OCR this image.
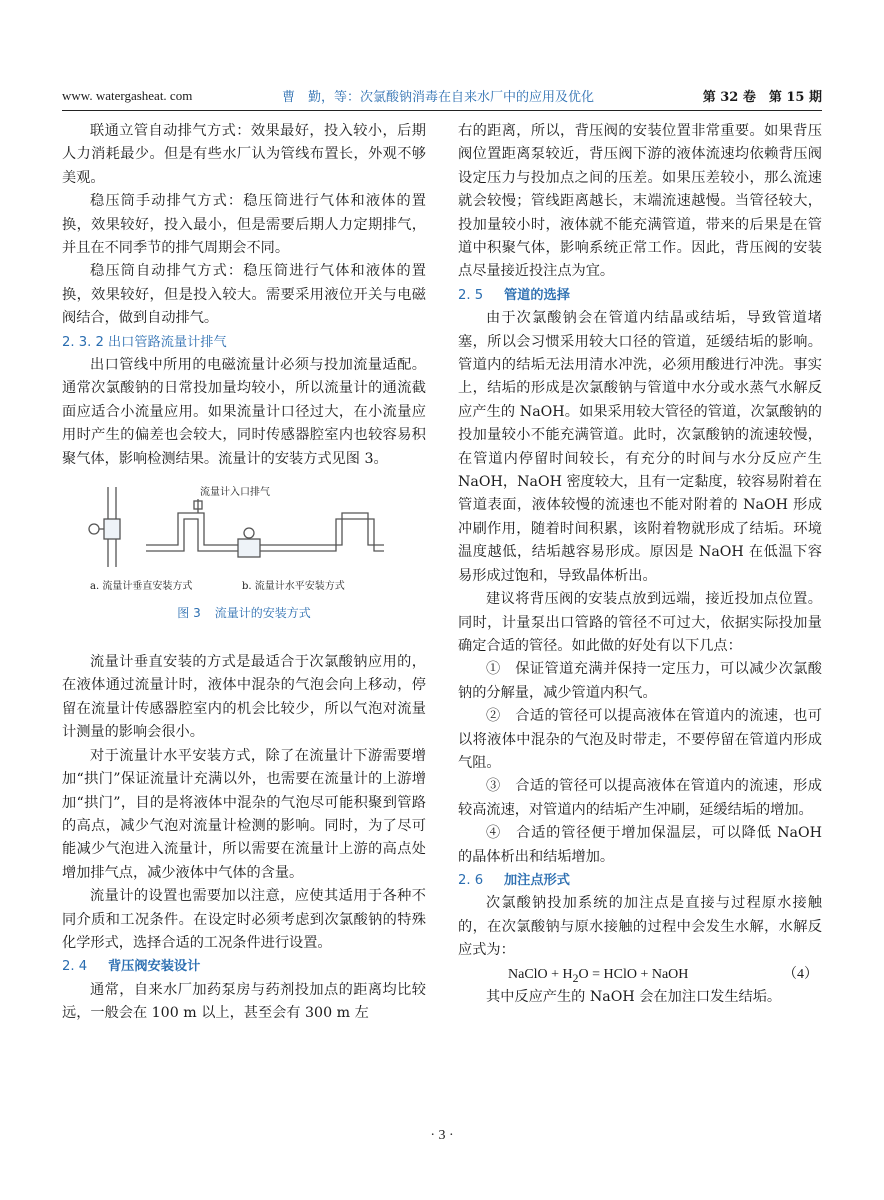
www. watergasheat. com	曹　勤，等：次氯酸钠消毒在自来水厂中的应用及优化	第 32 卷　第 15 期

联通立管自动排气方式：效果最好，投入较小，后期人力消耗最少。但是有些水厂认为管线布置长，外观不够美观。

稳压筒手动排气方式：稳压筒进行气体和液体的置换，效果较好，投入最小，但是需要后期人力定期排气，并且在不同季节的排气周期会不同。

稳压筒自动排气方式：稳压筒进行气体和液体的置换，效果较好，但是投入较大。需要采用液位开关与电磁阀结合，做到自动排气。

2. 3. 2 出口管路流量计排气

出口管线中所用的电磁流量计必须与投加流量适配。通常次氯酸钠的日常投加量均较小，所以流量计的通流截面应适合小流量应用。如果流量计口径过大，在小流量应用时产生的偏差也会较大，同时传感器腔室内也较容易积聚气体，影响检测结果。流量计的安装方式见图 3。

流量计入口排气
a. 流量计垂直安装方式	b. 流量计水平安装方式
图 3 流量计的安装方式

流量计垂直安装的方式是最适合于次氯酸钠应用的，在液体通过流量计时，液体中混杂的气泡会向上移动，停留在流量计传感器腔室内的机会比较少，所以气泡对流量计测量的影响会很小。

对于流量计水平安装方式，除了在流量计下游需要增加“拱门”保证流量计充满以外，也需要在流量计的上游增加“拱门”，目的是将液体中混杂的气泡尽可能积聚到管路的高点，减少气泡对流量计检测的影响。同时，为了尽可能减少气泡进入流量计，所以需要在流量计上游的高点处增加排气点，减少液体中气体的含量。

流量计的设置也需要加以注意，应使其适用于各种不同介质和工况条件。在设定时必须考虑到次氯酸钠的特殊化学形式，选择合适的工况条件进行设置。

2. 4 背压阀安装设计

通常，自来水厂加药泵房与药剂投加点的距离均比较远，一般会在 100 m 以上，甚至会有 300 m 左

右的距离，所以，背压阀的安装位置非常重要。如果背压阀位置距离泵较近，背压阀下游的液体流速均依赖背压阀设定压力与投加点之间的压差。如果压差较小，那么流速就会较慢；管线距离越长，末端流速越慢。当管径较大，投加量较小时，液体就不能充满管道，带来的后果是在管道中积聚气体，影响系统正常工作。因此，背压阀的安装点尽量接近投注点为宜。

2. 5 管道的选择

由于次氯酸钠会在管道内结晶或结垢，导致管道堵塞，所以会习惯采用较大口径的管道，延缓结垢的影响。管道内的结垢无法用清水冲洗，必须用酸进行冲洗。事实上，结垢的形成是次氯酸钠与管道中水分或水蒸气水解反应产生的 NaOH。如果采用较大管径的管道，次氯酸钠的投加量较小不能充满管道。此时，次氯酸钠的流速较慢，在管道内停留时间较长，有充分的时间与水分反应产生 NaOH，NaOH 密度较大，且有一定黏度，较容易附着在管道表面，液体较慢的流速也不能对附着的 NaOH 形成冲刷作用，随着时间积累，该附着物就形成了结垢。环境温度越低，结垢越容易形成。原因是 NaOH 在低温下容易形成过饱和，导致晶体析出。

建议将背压阀的安装点放到远端，接近投加点位置。同时，计量泵出口管路的管径不可过大，依据实际投加量确定合适的管径。如此做的好处有以下几点：

①　保证管道充满并保持一定压力，可以减少次氯酸钠的分解量，减少管道内积气。

②　合适的管径可以提高液体在管道内的流速，也可以将液体中混杂的气泡及时带走，不要停留在管道内形成气阻。

③　合适的管径可以提高液体在管道内的流速，形成较高流速，对管道内的结垢产生冲刷，延缓结垢的增加。

④　合适的管径便于增加保温层，可以降低 NaOH 的晶体析出和结垢增加。

2. 6 加注点形式

次氯酸钠投加系统的加注点是直接与过程原水接触的，在次氯酸钠与原水接触的过程中会发生水解，水解反应式为：

NaClO + $H_2O$ = HClO + NaOH	（4）

其中反应产生的 NaOH 会在加注口发生结垢。

· 3 ·
